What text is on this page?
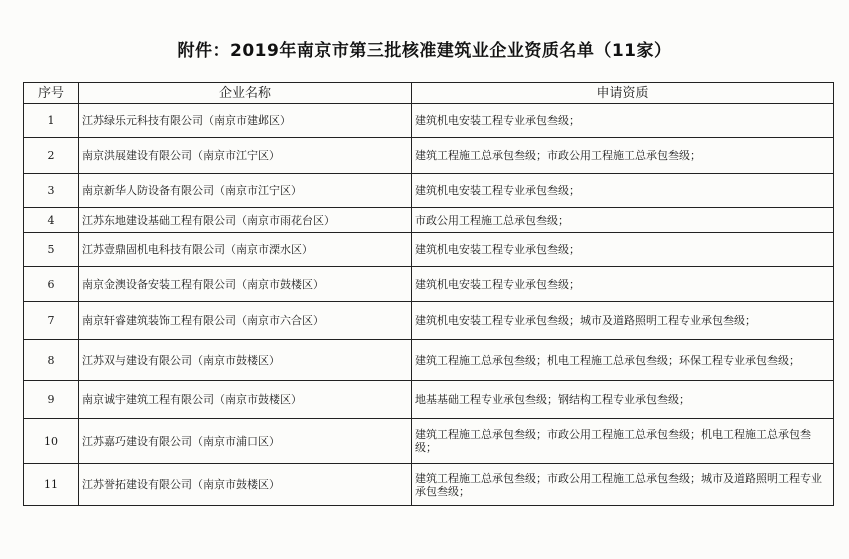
附件：2019年南京市第三批核准建筑业企业资质名单（11家）
序号	企业名称	申请资质
1	江苏绿乐元科技有限公司（南京市建邺区）	建筑机电安装工程专业承包叁级；
2	南京洪展建设有限公司（南京市江宁区）	建筑工程施工总承包叁级；市政公用工程施工总承包叁级；
3	南京新华人防设备有限公司（南京市江宁区）	建筑机电安装工程专业承包叁级；
4	江苏东地建设基础工程有限公司（南京市雨花台区）	市政公用工程施工总承包叁级；
5	江苏壹鼎固机电科技有限公司（南京市溧水区）	建筑机电安装工程专业承包叁级；
6	南京金澳设备安装工程有限公司（南京市鼓楼区）	建筑机电安装工程专业承包叁级；
7	南京轩睿建筑装饰工程有限公司（南京市六合区）	建筑机电安装工程专业承包叁级；城市及道路照明工程专业承包叁级；
8	江苏双与建设有限公司（南京市鼓楼区）	建筑工程施工总承包叁级；机电工程施工总承包叁级；环保工程专业承包叁级；
9	南京诚宇建筑工程有限公司（南京市鼓楼区）	地基基础工程专业承包叁级；钢结构工程专业承包叁级；
10	江苏嘉巧建设有限公司（南京市浦口区）	建筑工程施工总承包叁级；市政公用工程施工总承包叁级；机电工程施工总承包叁级；
11	江苏誉拓建设有限公司（南京市鼓楼区）	建筑工程施工总承包叁级；市政公用工程施工总承包叁级；城市及道路照明工程专业承包叁级；
